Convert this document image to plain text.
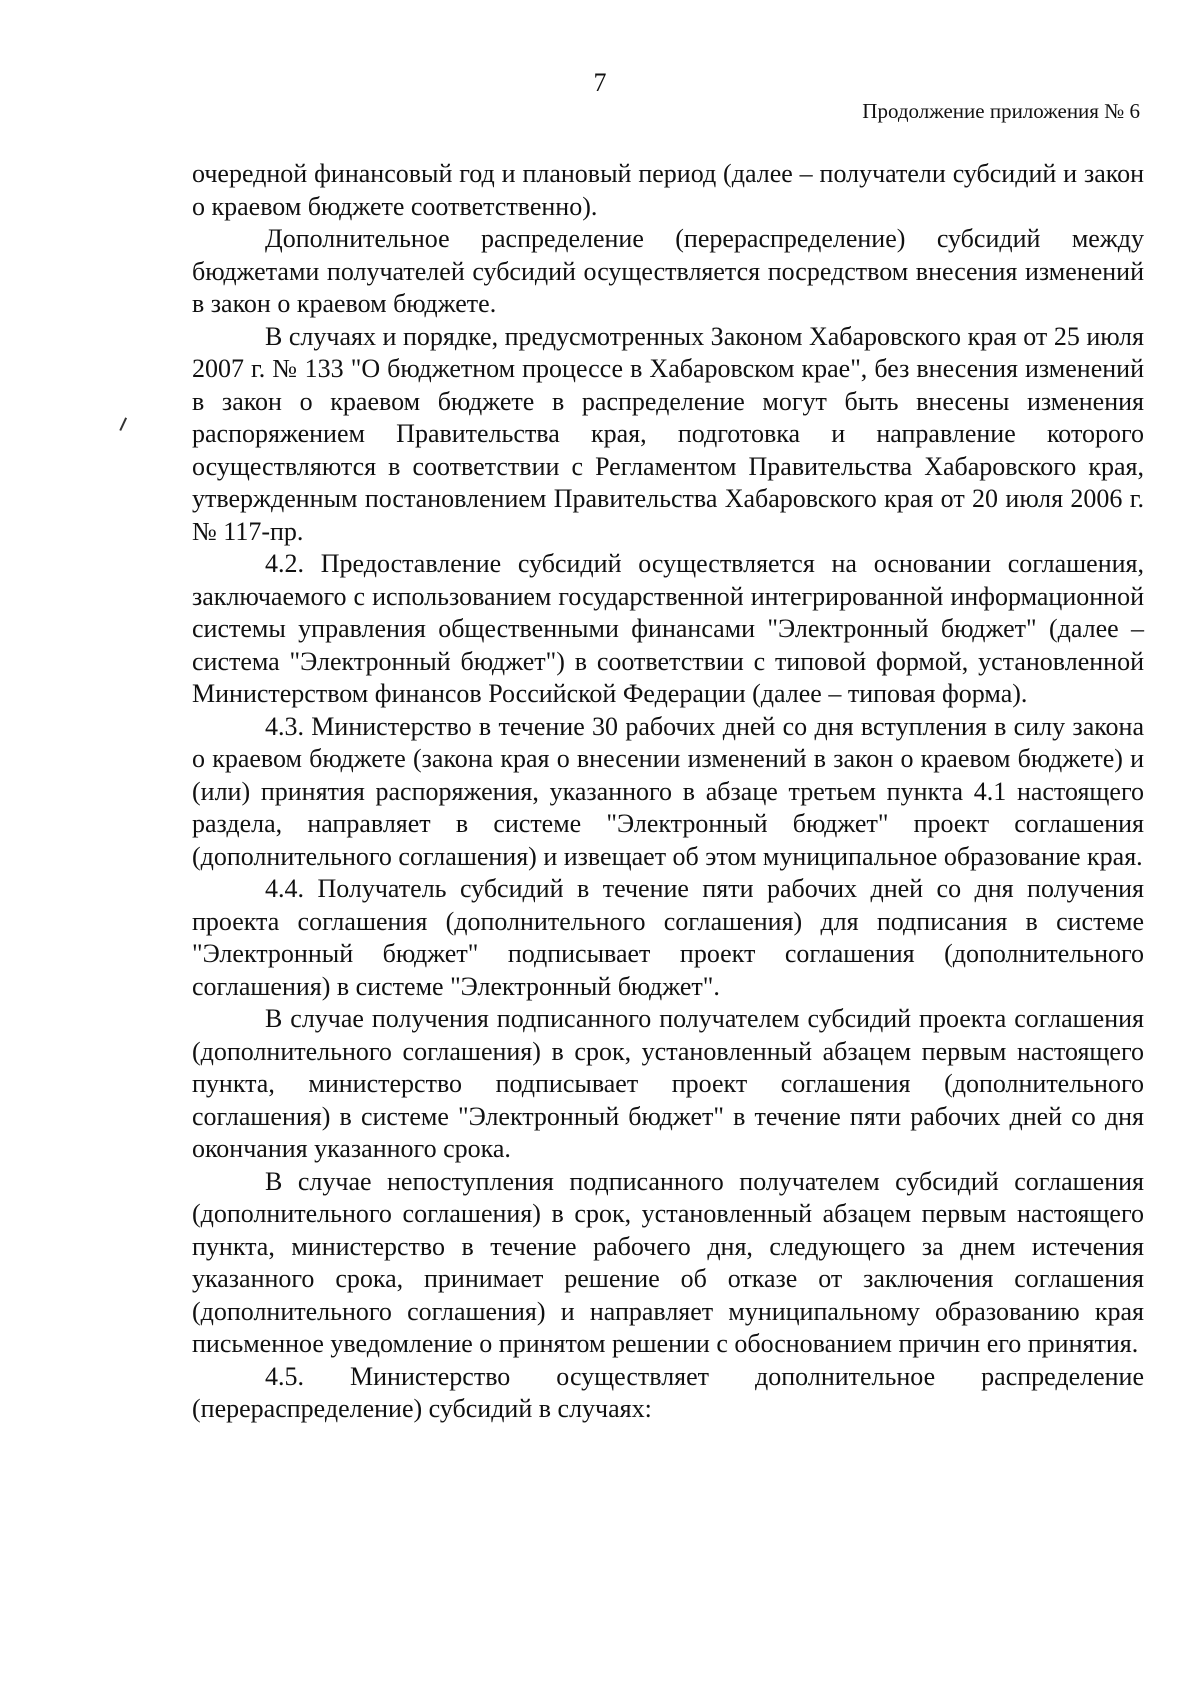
7
Продолжение приложения № 6

очередной финансовый год и плановый период (далее – получатели субсидий и закон о краевом бюджете соответственно).

Дополнительное распределение (перераспределение) субсидий между бюджетами получателей субсидий осуществляется посредством внесения изменений в закон о краевом бюджете.

В случаях и порядке, предусмотренных Законом Хабаровского края от 25 июля 2007 г. № 133 "О бюджетном процессе в Хабаровском крае", без внесения изменений в закон о краевом бюджете в распределение могут быть внесены изменения распоряжением Правительства края, подготовка и направление которого осуществляются в соответствии с Регламентом Правительства Хабаровского края, утвержденным постановлением Правительства Хабаровского края от 20 июля 2006 г. № 117-пр.

4.2. Предоставление субсидий осуществляется на основании соглашения, заключаемого с использованием государственной интегрированной информационной системы управления общественными финансами "Электронный бюджет" (далее – система "Электронный бюджет") в соответствии с типовой формой, установленной Министерством финансов Российской Федерации (далее – типовая форма).

4.3. Министерство в течение 30 рабочих дней со дня вступления в силу закона о краевом бюджете (закона края о внесении изменений в закон о краевом бюджете) и (или) принятия распоряжения, указанного в абзаце третьем пункта 4.1 настоящего раздела, направляет в системе "Электронный бюджет" проект соглашения (дополнительного соглашения) и извещает об этом муниципальное образование края.

4.4. Получатель субсидий в течение пяти рабочих дней со дня получения проекта соглашения (дополнительного соглашения) для подписания в системе "Электронный бюджет" подписывает проект соглашения (дополнительного соглашения) в системе "Электронный бюджет".

В случае получения подписанного получателем субсидий проекта соглашения (дополнительного соглашения) в срок, установленный абзацем первым настоящего пункта, министерство подписывает проект соглашения (дополнительного соглашения) в системе "Электронный бюджет" в течение пяти рабочих дней со дня окончания указанного срока.

В случае непоступления подписанного получателем субсидий соглашения (дополнительного соглашения) в срок, установленный абзацем первым настоящего пункта, министерство в течение рабочего дня, следующего за днем истечения указанного срока, принимает решение об отказе от заключения соглашения (дополнительного соглашения) и направляет муниципальному образованию края письменное уведомление о принятом решении с обоснованием причин его принятия.

4.5. Министерство осуществляет дополнительное распределение (перераспределение) субсидий в случаях:
